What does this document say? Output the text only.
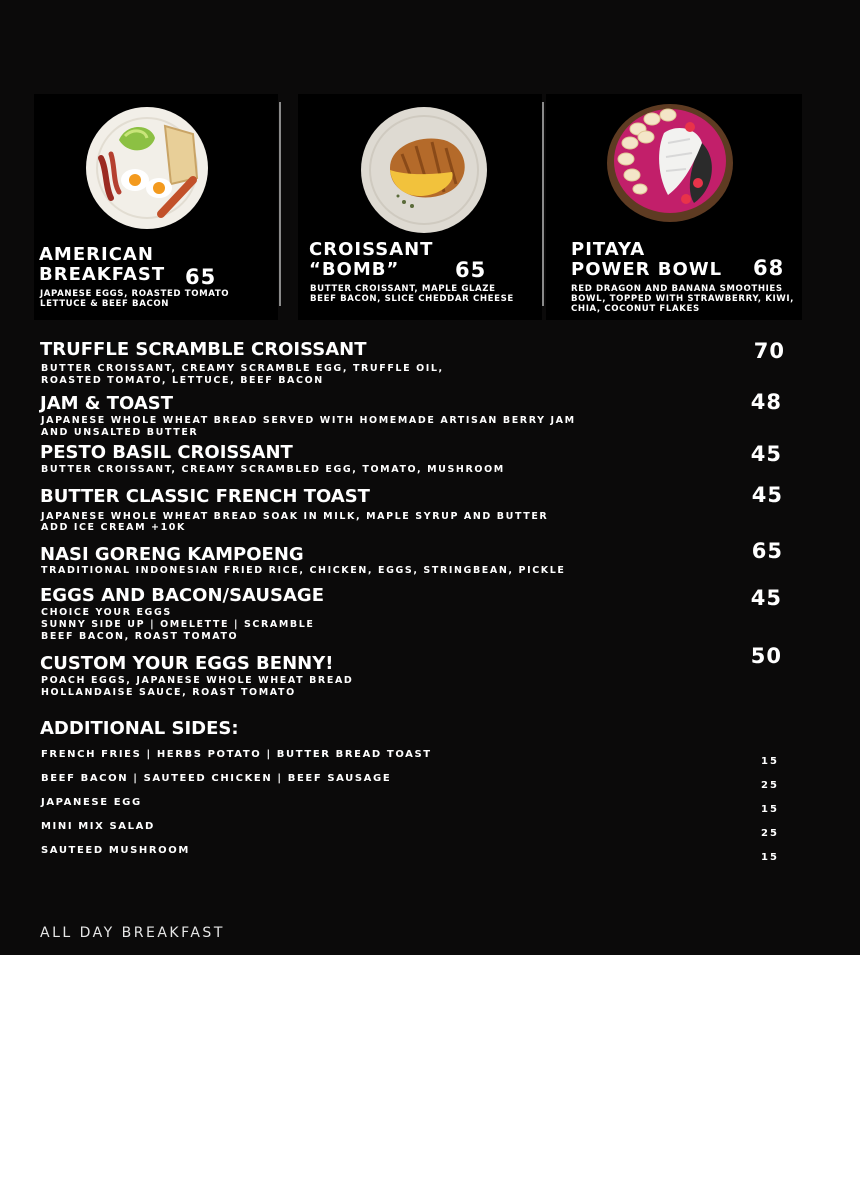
AMERICAN
BREAKFAST 65
JAPANESE EGGS, ROASTED TOMATO
LETTUCE & BEEF BACON
CROISSANT
“BOMB”	65
BUTTER CROISSANT, MAPLE GLAZE
BEEF BACON, SLICE CHEDDAR CHEESE
PITAYA
POWER BOWL 68
RED DRAGON AND BANANA SMOOTHIES
BOWL, TOPPED WITH STRAWBERRY, KIWI,
CHIA, COCONUT FLAKES
TRUFFLE SCRAMBLE CROISSANT	70
BUTTER CROISSANT, CREAMY SCRAMBLE EGG, TRUFFLE OIL,
ROASTED TOMATO, LETTUCE, BEEF BACON
JAM & TOAST	48
JAPANESE WHOLE WHEAT BREAD SERVED WITH HOMEMADE ARTISAN BERRY JAM
AND UNSALTED BUTTER
PESTO BASIL CROISSANT	45
BUTTER CROISSANT, CREAMY SCRAMBLED EGG, TOMATO, MUSHROOM
BUTTER CLASSIC FRENCH TOAST	45
JAPANESE WHOLE WHEAT BREAD SOAK IN MILK, MAPLE SYRUP AND BUTTER
ADD ICE CREAM +10K
NASI GORENG KAMPOENG	65
TRADITIONAL INDONESIAN FRIED RICE, CHICKEN, EGGS, STRINGBEAN, PICKLE
EGGS AND BACON/SAUSAGE	45
CHOICE YOUR EGGS
SUNNY SIDE UP | OMELETTE | SCRAMBLE
BEEF BACON, ROAST TOMATO
CUSTOM YOUR EGGS BENNY!	50
POACH EGGS, JAPANESE WHOLE WHEAT BREAD
HOLLANDAISE SAUCE, ROAST TOMATO
ADDITIONAL SIDES:
FRENCH FRIES | HERBS POTATO | BUTTER BREAD TOAST
15
BEEF BACON | SAUTEED CHICKEN | BEEF SAUSAGE
25
JAPANESE EGG
15
MINI MIX SALAD
25
SAUTEED MUSHROOM
15
ALL DAY BREAKFAST
